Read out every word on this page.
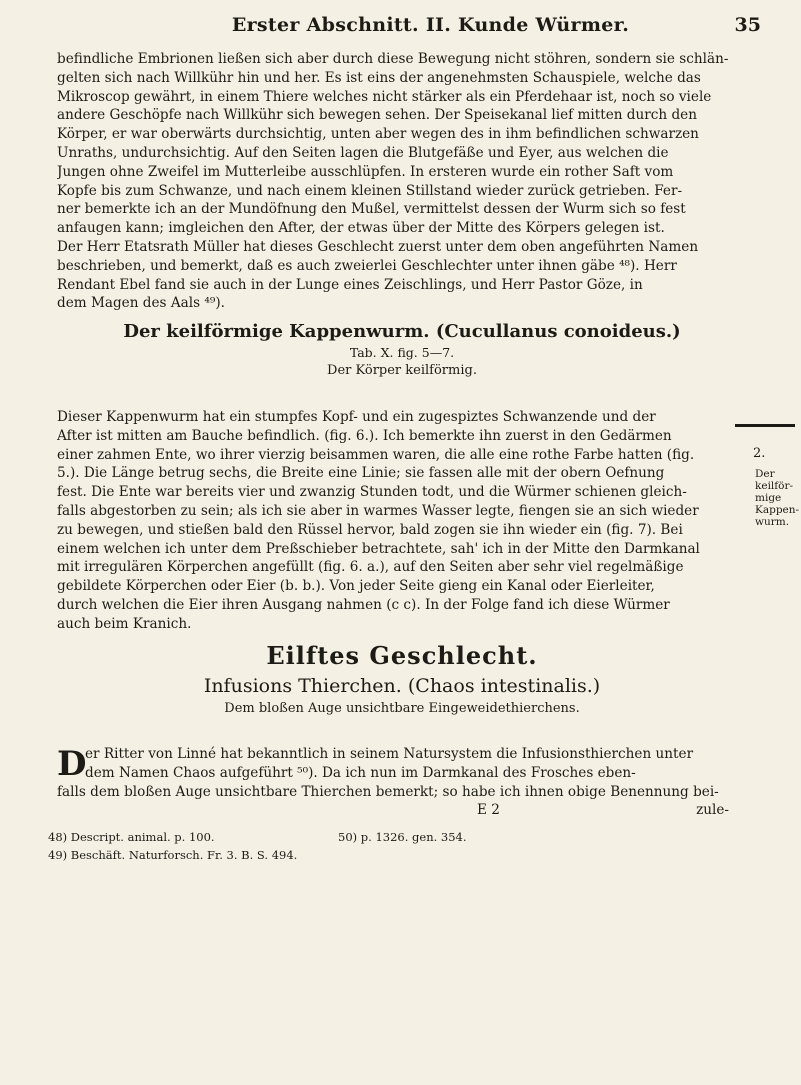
Erster Abschnitt. II. Kunde Würmer.	35
befindliche Embrionen ließen sich aber durch diese Bewegung nicht stöhren, sondern sie schlän-
gelten sich nach Willkühr hin und her. Es ist eins der angenehmsten Schauspiele, welche das
Mikroscop gewährt, in einem Thiere welches nicht stärker als ein Pferdehaar ist, noch so viele
andere Geschöpfe nach Willkühr sich bewegen sehen. Der Speisekanal lief mitten durch den
Körper, er war oberwärts durchsichtig, unten aber wegen des in ihm befindlichen schwarzen
Unraths, undurchsichtig. Auf den Seiten lagen die Blutgefäße und Eyer, aus welchen die
Jungen ohne Zweifel im Mutterleibe ausschlüpfen. In ersteren wurde ein rother Saft vom
Kopfe bis zum Schwanze, und nach einem kleinen Stillstand wieder zurück getrieben. Fer-
ner bemerkte ich an der Mundöfnung den Mußel, vermittelst dessen der Wurm sich so fest
anfaugen kann; imgleichen den After, der etwas über der Mitte des Körpers gelegen ist.
Der Herr Etatsrath Müller hat dieses Geschlecht zuerst unter dem oben angeführten Namen
beschrieben, und bemerkt, daß es auch zweierlei Geschlechter unter ihnen gäbe ⁴⁸). Herr
Rendant Ebel fand sie auch in der Lunge eines Zeischlings, und Herr Pastor Göze, in
dem Magen des Aals ⁴⁹).
Der keilförmige Kappenwurm. (Cucullanus conoideus.)
Tab. X. fig. 5—7.
Der Körper keilförmig.
2.
Der keilför-
mige Kappen-
wurm.
Dieser Kappenwurm hat ein stumpfes Kopf- und ein zugespiztes Schwanzende und der
After ist mitten am Bauche befindlich. (fig. 6.). Ich bemerkte ihn zuerst in den Gedärmen
einer zahmen Ente, wo ihrer vierzig beisammen waren, die alle eine rothe Farbe hatten (fig.
5.). Die Länge betrug sechs, die Breite eine Linie; sie fassen alle mit der obern Oefnung
fest. Die Ente war bereits vier und zwanzig Stunden todt, und die Würmer schienen gleich-
falls abgestorben zu sein; als ich sie aber in warmes Wasser legte, fiengen sie an sich wieder
zu bewegen, und stießen bald den Rüssel hervor, bald zogen sie ihn wieder ein (fig. 7). Bei
einem welchen ich unter dem Preßschieber betrachtete, sah' ich in der Mitte den Darmkanal
mit irregulären Körperchen angefüllt (fig. 6. a.), auf den Seiten aber sehr viel regelmäßige
gebildete Körperchen oder Eier (b. b.). Von jeder Seite gieng ein Kanal oder Eierleiter,
durch welchen die Eier ihren Ausgang nahmen (c c). In der Folge fand ich diese Würmer
auch beim Kranich.
Eilftes Geschlecht.
Infusions Thierchen. (Chaos intestinalis.)
Dem bloßen Auge unsichtbare Eingeweidethierchens.
D
er Ritter von Linné hat bekanntlich in seinem Natursystem die Infusionsthierchen unter
dem Namen Chaos aufgeführt ⁵⁰). Da ich nun im Darmkanal des Frosches eben-
falls dem bloßen Auge unsichtbare Thierchen bemerkt; so habe ich ihnen obige Benennung bei-
E 2	zule-
48) Descript. animal. p. 100.	50) p. 1326. gen. 354.
49) Beschäft. Naturforsch. Fr. 3. B. S. 494.
